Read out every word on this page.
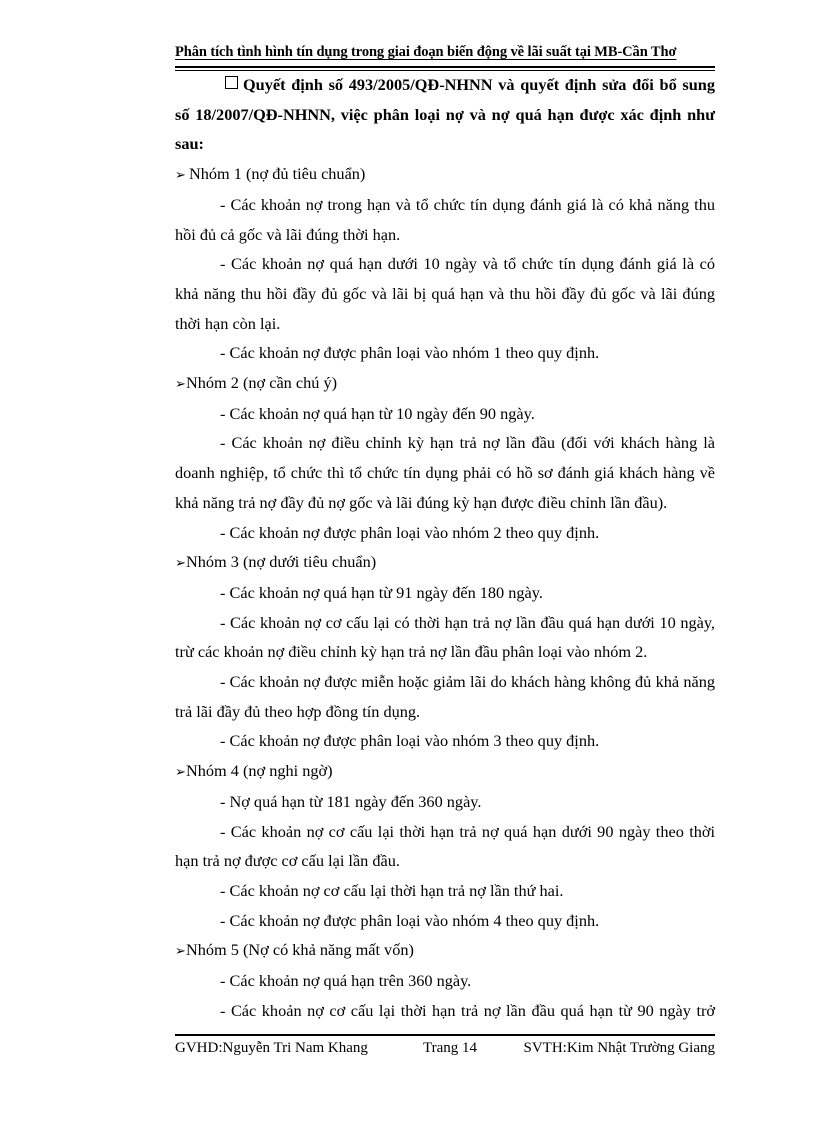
Phân tích tình hình tín dụng trong giai đoạn biến động về lãi suất tại MB-Cần Thơ

Quyết định số 493/2005/QĐ-NHNN và quyết định sửa đổi bổ sung

số 18/2007/QĐ-NHNN, việc phân loại nợ và nợ quá hạn được xác định như

sau:

➢ Nhóm 1 (nợ đủ tiêu chuẩn)

- Các khoản nợ trong hạn và tổ chức tín dụng đánh giá là có khả năng thu hồi đủ cả gốc và lãi đúng thời hạn.

- Các khoản nợ quá hạn dưới 10 ngày và tổ chức tín dụng đánh giá là có khả năng thu hồi đầy đủ gốc và lãi bị quá hạn và thu hồi đầy đủ gốc và lãi đúng thời hạn còn lại.

- Các khoản nợ được phân loại vào nhóm 1 theo quy định.

➢Nhóm 2 (nợ cần chú ý)

- Các khoản nợ quá hạn từ 10 ngày đến 90 ngày.

- Các khoản nợ điều chỉnh kỳ hạn trả nợ lần đầu (đối với khách hàng là doanh nghiệp, tổ chức thì tổ chức tín dụng phải có hồ sơ đánh giá khách hàng về khả năng trả nợ đầy đủ nợ gốc và lãi đúng kỳ hạn được điều chỉnh lần đầu).

- Các khoản nợ được phân loại vào nhóm 2 theo quy định.

➢Nhóm 3 (nợ dưới tiêu chuẩn)

- Các khoản nợ quá hạn từ 91 ngày đến 180 ngày.

- Các khoản nợ cơ cấu lại có thời hạn trả nợ lần đầu quá hạn dưới 10 ngày, trừ các khoản nợ điều chỉnh kỳ hạn trả nợ lần đầu phân loại vào nhóm 2.

- Các khoản nợ được miễn hoặc giảm lãi do khách hàng không đủ khả năng trả lãi đầy đủ theo hợp đồng tín dụng.

- Các khoản nợ được phân loại vào nhóm 3 theo quy định.

➢Nhóm 4 (nợ nghi ngờ)

- Nợ quá hạn từ 181 ngày đến 360 ngày.

- Các khoản nợ cơ cấu lại thời hạn trả nợ quá hạn dưới 90 ngày theo thời hạn trả nợ được cơ cấu lại lần đầu.

- Các khoản nợ cơ cấu lại thời hạn trả nợ lần thứ hai.

- Các khoản nợ được phân loại vào nhóm 4 theo quy định.

➢Nhóm 5 (Nợ có khả năng mất vốn)

- Các khoản nợ quá hạn trên 360 ngày.

- Các khoản nợ cơ cấu lại thời hạn trả nợ lần đầu quá hạn từ 90 ngày trở

GVHD:Nguyễn Tri Nam Khang	Trang 14	SVTH:Kim Nhật Trường Giang
